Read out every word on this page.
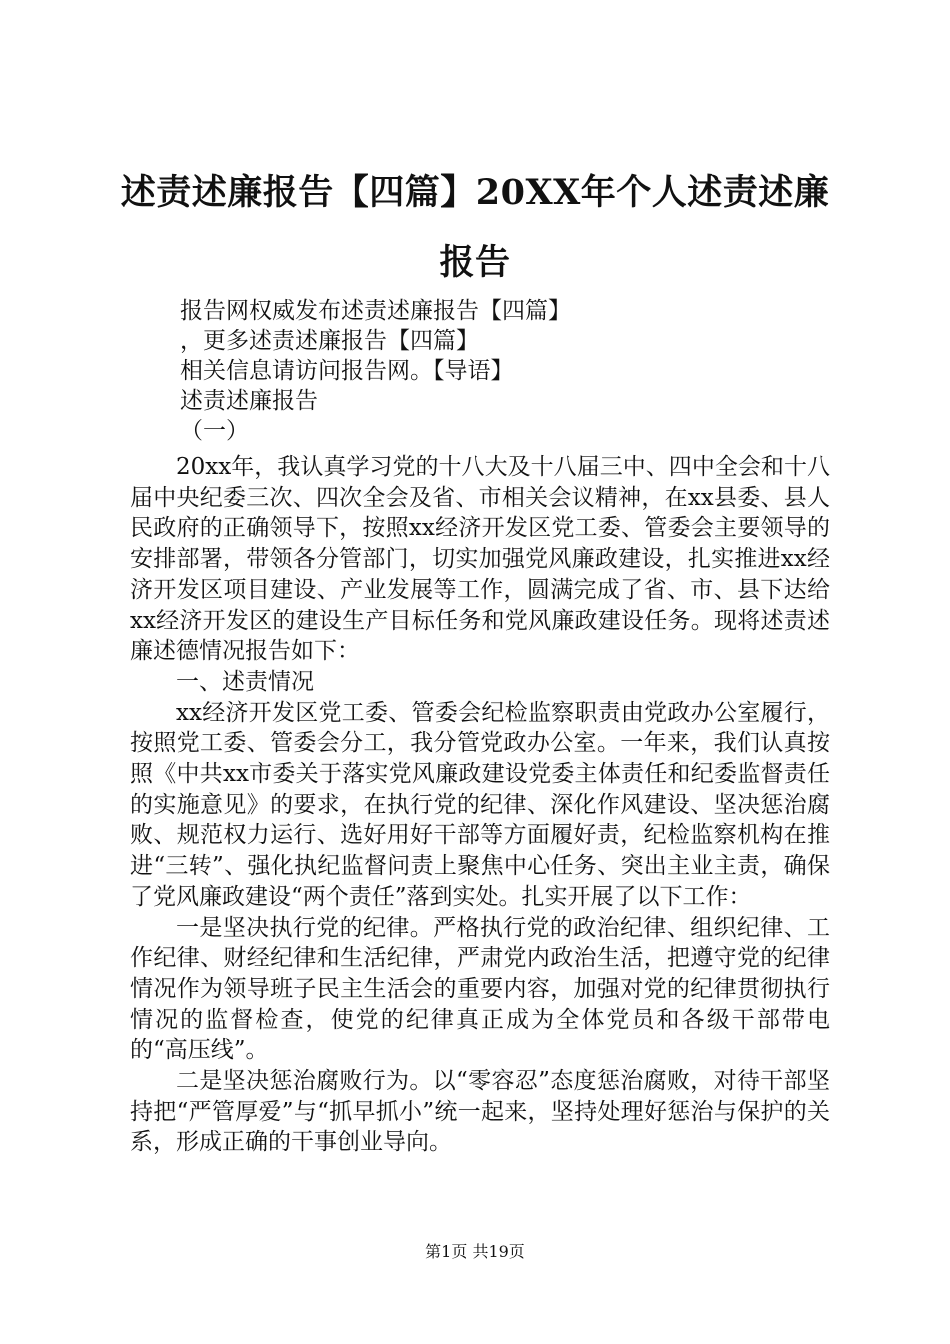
述责述廉报告【四篇】20XX年个人述责述廉报告
报告网权威发布述责述廉报告【四篇】
，更多述责述廉报告【四篇】
相关信息请访问报告网。【导语】
述责述廉报告
（一）

20xx年，我认真学习党的十八大及十八届三中、四中全会和十八届中央纪委三次、四次全会及省、市相关会议精神，在xx县委、县人民政府的正确领导下，按照xx经济开发区党工委、管委会主要领导的安排部署，带领各分管部门，切实加强党风廉政建设，扎实推进xx经济开发区项目建设、产业发展等工作，圆满完成了省、市、县下达给xx经济开发区的建设生产目标任务和党风廉政建设任务。现将述责述廉述德情况报告如下：

一、述责情况

xx经济开发区党工委、管委会纪检监察职责由党政办公室履行，按照党工委、管委会分工，我分管党政办公室。一年来，我们认真按照《中共xx市委关于落实党风廉政建设党委主体责任和纪委监督责任的实施意见》的要求，在执行党的纪律、深化作风建设、坚决惩治腐败、规范权力运行、选好用好干部等方面履好责，纪检监察机构在推进“三转”、强化执纪监督问责上聚焦中心任务、突出主业主责，确保了党风廉政建设“两个责任”落到实处。扎实开展了以下工作：

一是坚决执行党的纪律。严格执行党的政治纪律、组织纪律、工作纪律、财经纪律和生活纪律，严肃党内政治生活，把遵守党的纪律情况作为领导班子民主生活会的重要内容，加强对党的纪律贯彻执行情况的监督检查，使党的纪律真正成为全体党员和各级干部带电的“高压线”。

二是坚决惩治腐败行为。以“零容忍”态度惩治腐败，对待干部坚持把“严管厚爱”与“抓早抓小”统一起来，坚持处理好惩治与保护的关系，形成正确的干事创业导向。

第1页 共19页
